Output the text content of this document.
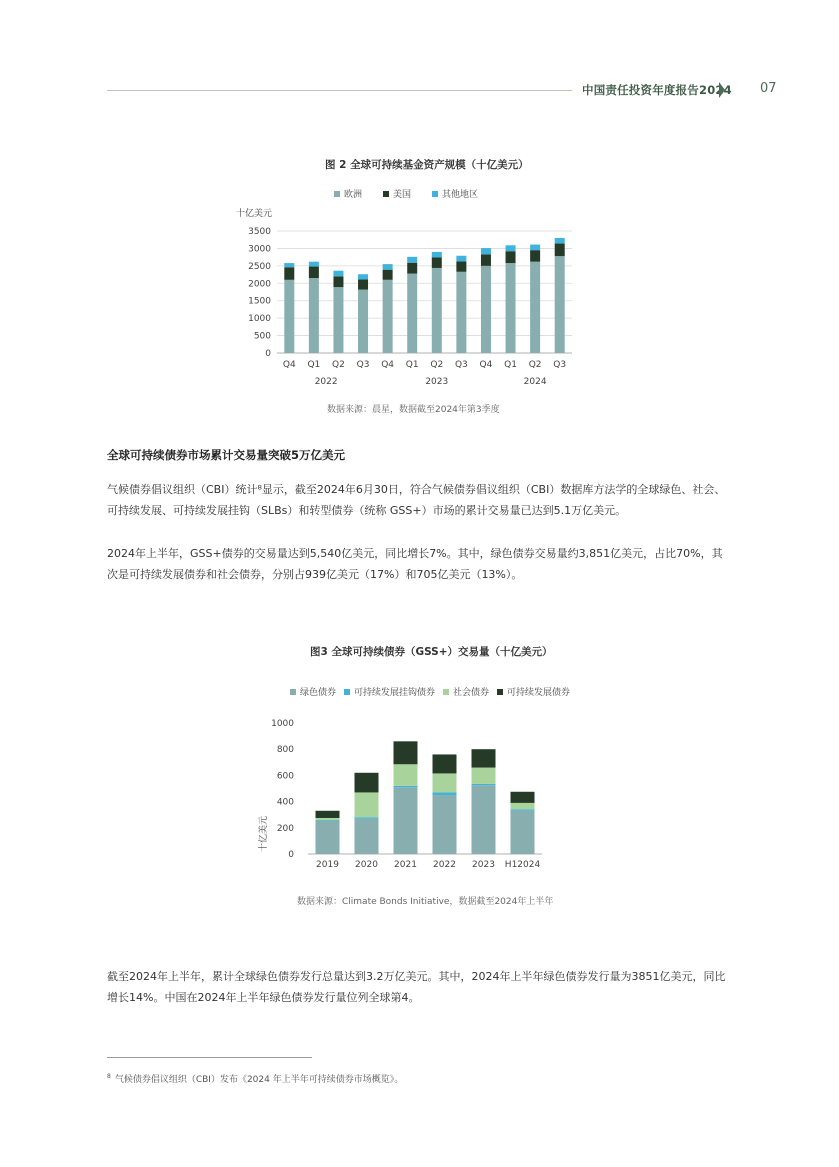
中国责任投资年度报告2024 07
图 2 全球可持续基金资产规模（十亿美元）
欧洲	美国	其他地区
十亿美元
0
500
1000
1500
2000
2500
3000
3500
Q4 Q1 Q2 Q3 Q4 Q1 Q2 Q3 Q4 Q1 Q2 Q3
2022	2023	2024
数据来源：晨星，数据截至2024年第3季度
全球可持续债券市场累计交易量突破5万亿美元
气候债券倡议组织（CBI）统计⁸显示，截至2024年6月30日，符合气候债券倡议组织（CBI）数据库方法学的全球绿色、社会、可持续发展、可持续发展挂钩（SLBs）和转型债券（统称 GSS+）市场的累计交易量已达到5.1万亿美元。
2024年上半年，GSS+债券的交易量达到5,540亿美元，同比增长7%。其中，绿色债券交易量约3,851亿美元，占比70%，其次是可持续发展债券和社会债券，分别占939亿美元（17%）和705亿美元（13%）。
图3 全球可持续债券（GSS+）交易量（十亿美元）
绿色债券 可持续发展挂钩债券 社会债券 可持续发展债券
0
200
400
600
800
1000
十亿美元
2019 2020 2021 2022 2023 H12024
数据来源：Climate Bonds Initiative，数据截至2024年上半年
截至2024年上半年，累计全球绿色债券发行总量达到3.2万亿美元。其中，2024年上半年绿色债券发行量为3851亿美元，同比增长14%。中国在2024年上半年绿色债券发行量位列全球第4。
$^8$ 气候债券倡议组织（CBI）发布《2024 年上半年可持续债券市场概览》。
